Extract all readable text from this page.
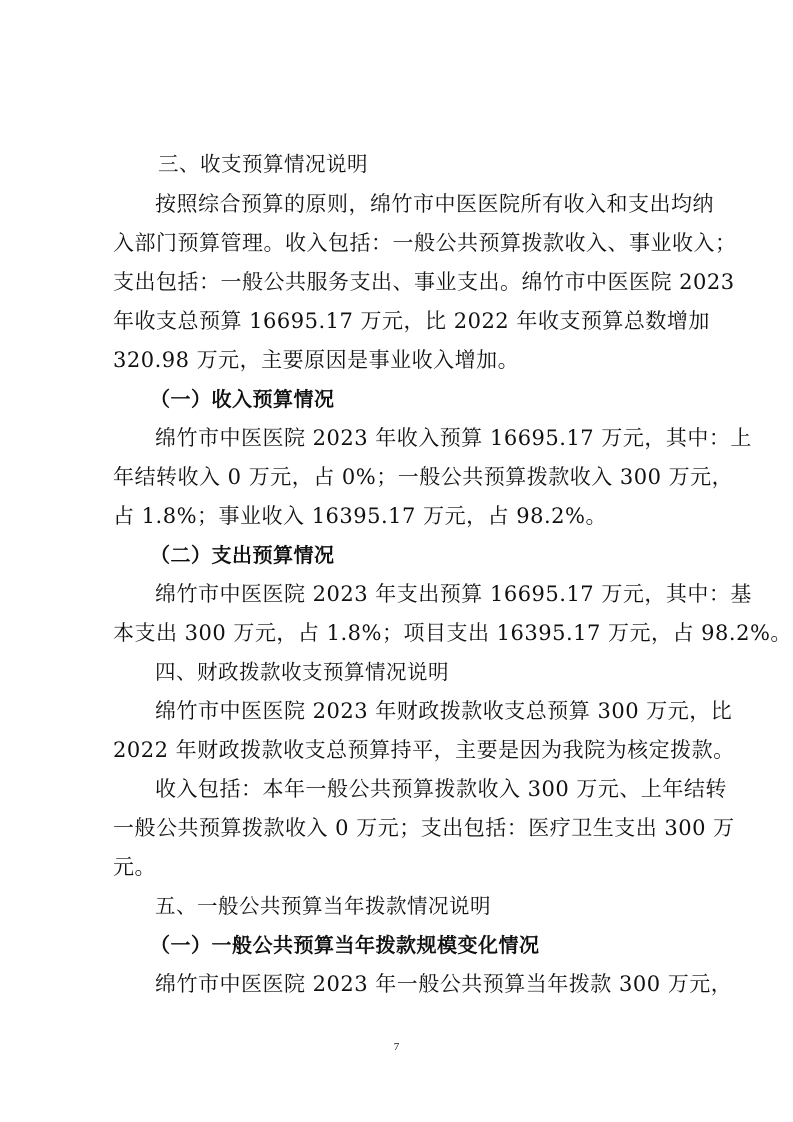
三、收支预算情况说明
按照综合预算的原则，绵竹市中医医院所有收入和支出均纳
入部门预算管理。收入包括：一般公共预算拨款收入、事业收入；
支出包括：一般公共服务支出、事业支出。绵竹市中医医院 2023
年收支总预算 16695.17 万元，比 2022 年收支预算总数增加
320.98 万元，主要原因是事业收入增加。
（一）收入预算情况
绵竹市中医医院 2023 年收入预算 16695.17 万元，其中：上
年结转收入 0 万元，占 0%；一般公共预算拨款收入 300 万元，
占 1.8%；事业收入 16395.17 万元，占 98.2%。
（二）支出预算情况
绵竹市中医医院 2023 年支出预算 16695.17 万元，其中：基
本支出 300 万元，占 1.8%；项目支出 16395.17 万元，占 98.2%。
四、财政拨款收支预算情况说明
绵竹市中医医院 2023 年财政拨款收支总预算 300 万元，比
2022 年财政拨款收支总预算持平，主要是因为我院为核定拨款。
收入包括：本年一般公共预算拨款收入 300 万元、上年结转
一般公共预算拨款收入 0 万元；支出包括：医疗卫生支出 300 万
元。
五、一般公共预算当年拨款情况说明
（一）一般公共预算当年拨款规模变化情况
绵竹市中医医院 2023 年一般公共预算当年拨款 300 万元，
7
